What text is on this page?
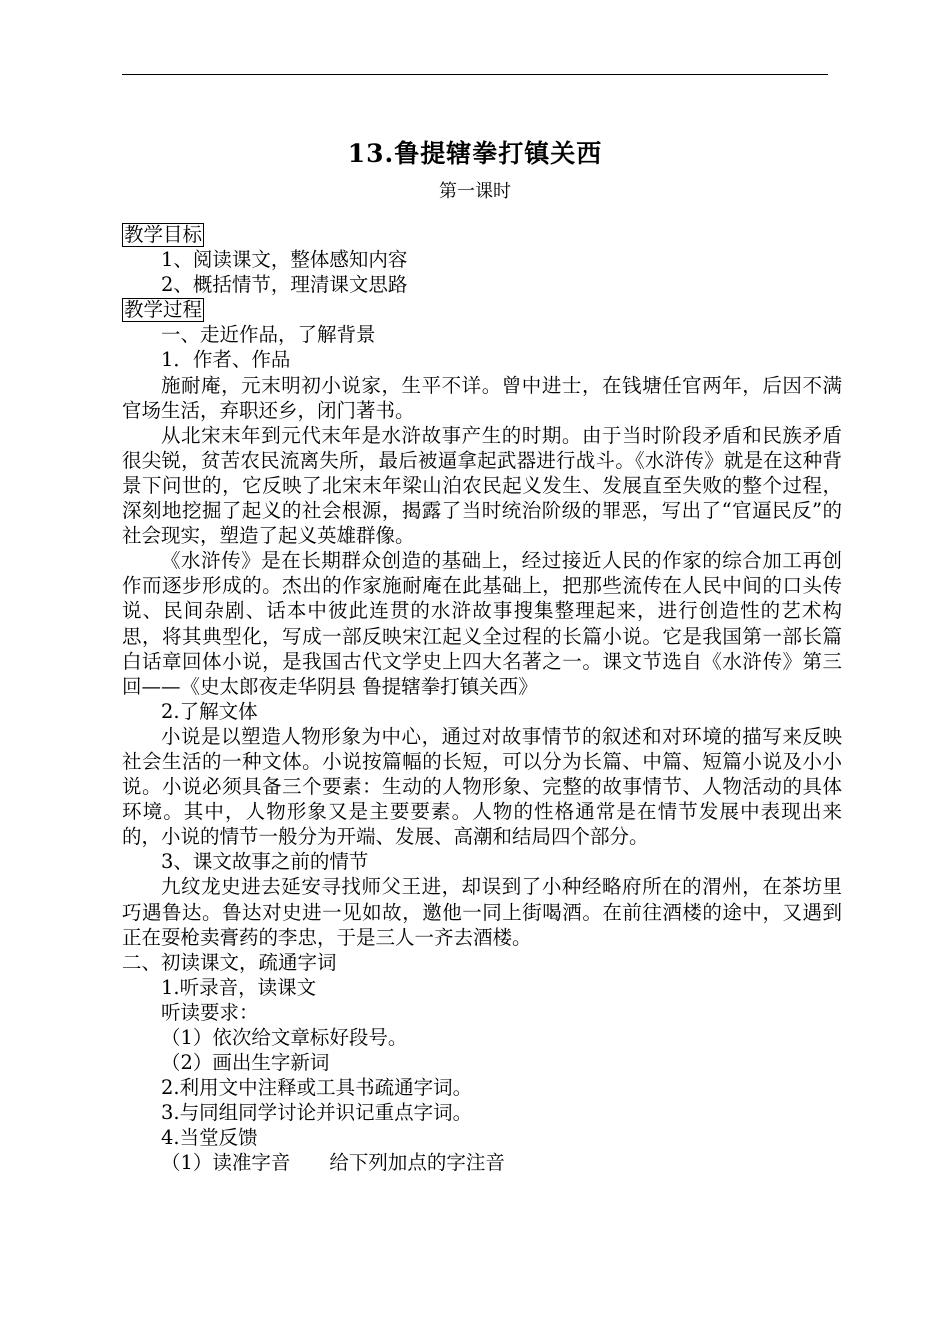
13.鲁提辖拳打镇关西
第一课时

教学目标

1、阅读课文，整体感知内容

2、概括情节，理清课文思路

教学过程

一、走近作品，了解背景

1．作者、作品

施耐庵，元末明初小说家，生平不详。曾中进士，在钱塘任官两年，后因不满官场生活，弃职还乡，闭门著书。

从北宋末年到元代末年是水浒故事产生的时期。由于当时阶段矛盾和民族矛盾很尖锐，贫苦农民流离失所，最后被逼拿起武器进行战斗。《水浒传》就是在这种背景下问世的，它反映了北宋末年梁山泊农民起义发生、发展直至失败的整个过程，深刻地挖掘了起义的社会根源，揭露了当时统治阶级的罪恶，写出了“官逼民反”的社会现实，塑造了起义英雄群像。

《水浒传》是在长期群众创造的基础上，经过接近人民的作家的综合加工再创作而逐步形成的。杰出的作家施耐庵在此基础上，把那些流传在人民中间的口头传说、民间杂剧、话本中彼此连贯的水浒故事搜集整理起来，进行创造性的艺术构思，将其典型化，写成一部反映宋江起义全过程的长篇小说。它是我国第一部长篇白话章回体小说，是我国古代文学史上四大名著之一。课文节选自《水浒传》第三回——《史太郎夜走华阴县 鲁提辖拳打镇关西》

2.了解文体

小说是以塑造人物形象为中心，通过对故事情节的叙述和对环境的描写来反映社会生活的一种文体。小说按篇幅的长短，可以分为长篇、中篇、短篇小说及小小说。小说必须具备三个要素：生动的人物形象、完整的故事情节、人物活动的具体环境。其中，人物形象又是主要要素。人物的性格通常是在情节发展中表现出来的，小说的情节一般分为开端、发展、高潮和结局四个部分。

3、课文故事之前的情节

九纹龙史进去延安寻找师父王进，却误到了小种经略府所在的渭州，在茶坊里巧遇鲁达。鲁达对史进一见如故，邀他一同上街喝酒。在前往酒楼的途中，又遇到正在耍枪卖膏药的李忠，于是三人一齐去酒楼。

二、初读课文，疏通字词

1.听录音，读课文

听读要求：

（1）依次给文章标好段号。

（2）画出生字新词

2.利用文中注释或工具书疏通字词。

3.与同组同学讨论并识记重点字词。

4.当堂反馈

（1）读准字音　　给下列加点的字注音
